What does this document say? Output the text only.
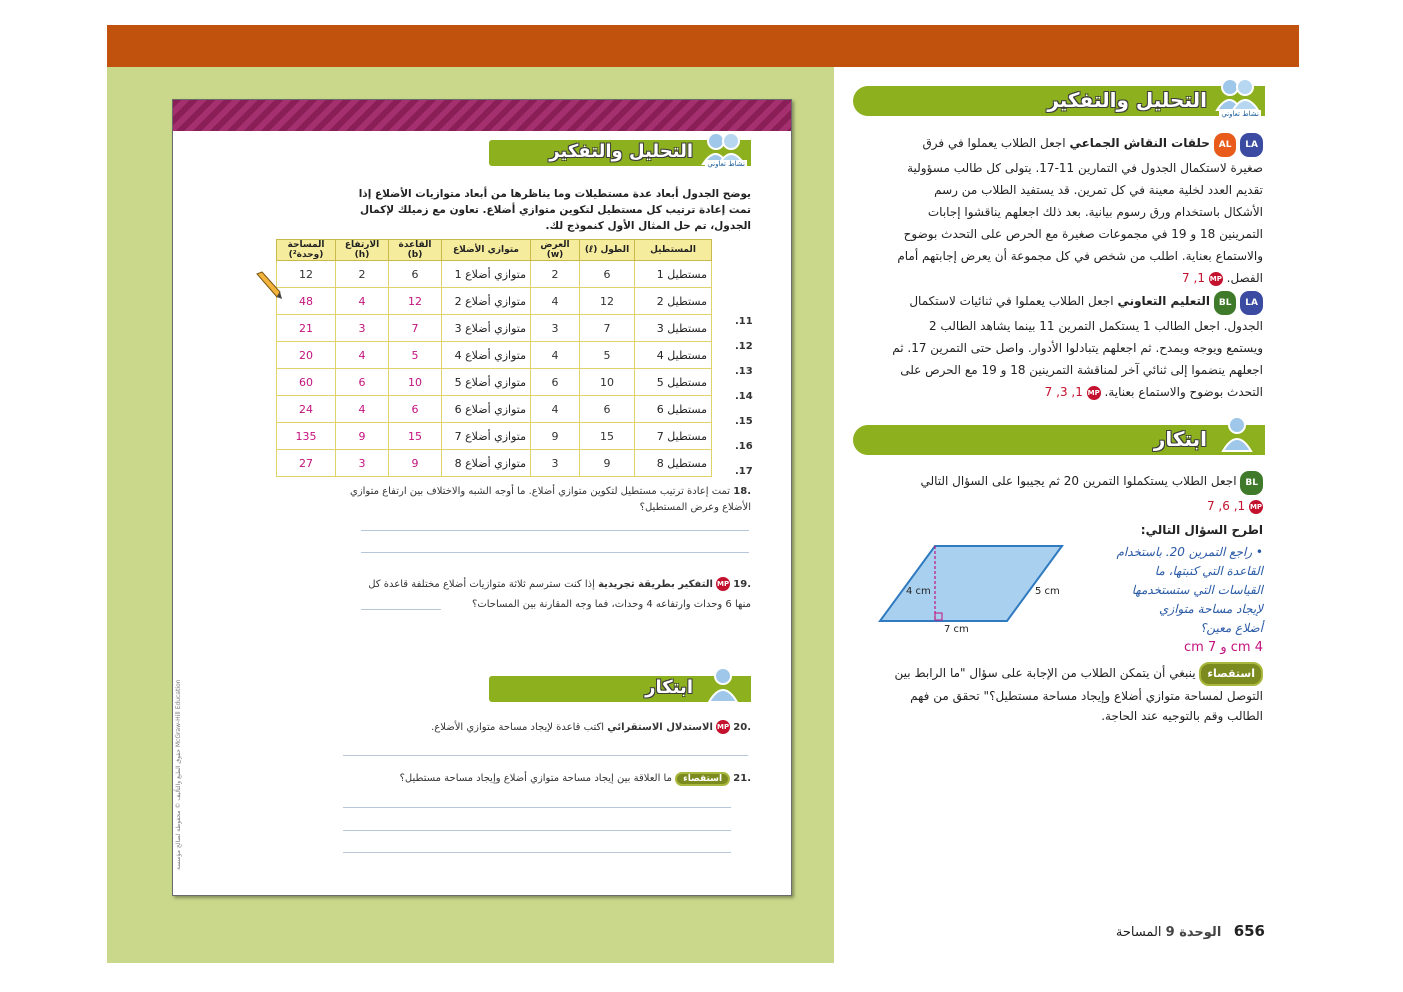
التحليل والتفكير
نشاط تعاوني
يوضح الجدول أبعاد عدة مستطيلات وما يناظرها من أبعاد متوازيات الأضلاع إذا
تمت إعادة ترتيب كل مستطيل لتكوين متوازي أضلاع. تعاون مع زميلك لإكمال
الجدول، تم حل المثال الأول كنموذج لك.
المساحة (وحدة²)	الارتفاع (h)	القاعدة (b)	متوازي الأضلاع	العرض (w)	الطول (ℓ)	المستطيل
12	2	6	متوازي أضلاع 1	2	6	مستطيل 1
48	4	12	متوازي أضلاع 2	4	12	مستطيل 2
21	3	7	متوازي أضلاع 3	3	7	مستطيل 3
20	4	5	متوازي أضلاع 4	4	5	مستطيل 4
60	6	10	متوازي أضلاع 5	6	10	مستطيل 5
24	4	6	متوازي أضلاع 6	4	6	مستطيل 6
135	9	15	متوازي أضلاع 7	9	15	مستطيل 7
27	3	9	متوازي أضلاع 8	3	9	مستطيل 8
.11
.12
.13
.14
.15
.16
.17
.18 تمت إعادة ترتيب مستطيل لتكوين متوازي أضلاع. ما أوجه الشبه والاختلاف بين ارتفاع متوازي
الأضلاع وعرض المستطيل؟
.19 MP التفكير بطريقة تجريدية إذا كنت سترسم ثلاثة متوازيات أضلاع مختلفة قاعدة كل
منها 6 وحدات وارتفاعه 4 وحدات، فما وجه المقارنة بين المساحات؟
ابتكار
.20 MP الاستدلال الاستقرائي اكتب قاعدة لإيجاد مساحة متوازي الأضلاع.
.21 استقصاء ما العلاقة بين إيجاد مساحة متوازي أضلاع وإيجاد مساحة مستطيل؟
حقوق الطبع والتأليف © محفوظة لصالح مؤسسة McGraw-Hill Education
التحليل والتفكير
نشاط تعاوني
LA AL حلقات النقاش الجماعي اجعل الطلاب يعملوا في فرق
صغيرة لاستكمال الجدول في التمارين 11-17. يتولى كل طالب مسؤولية
تقديم العدد لخلية معينة في كل تمرين. قد يستفيد الطلاب من رسم
الأشكال باستخدام ورق رسوم بيانية. بعد ذلك اجعلهم يناقشوا إجابات
التمرينين 18 و 19 في مجموعات صغيرة مع الحرص على التحدث بوضوح
والاستماع بعناية. اطلب من شخص في كل مجموعة أن يعرض إجابتهم أمام
الفصل. MP 1, 7
LA BL التعليم التعاوني اجعل الطلاب يعملوا في ثنائيات لاستكمال
الجدول. اجعل الطالب 1 يستكمل التمرين 11 بينما يشاهد الطالب 2
ويستمع ويوجه ويمدح. ثم اجعلهم يتبادلوا الأدوار. واصل حتى التمرين 17. ثم
اجعلهم ينضموا إلى ثنائي آخر لمناقشة التمرينين 18 و 19 مع الحرص على
التحدث بوضوح والاستماع بعناية. MP 1, 3, 7
ابتكار
BL اجعل الطلاب يستكملوا التمرين 20 ثم يجيبوا على السؤال التالي
MP 1, 6, 7
اطرح السؤال التالي:
• راجع التمرين 20. باستخدام
القاعدة التي كتبتها، ما
القياسات التي ستستخدمها
لإيجاد مساحة متوازي
أضلاع معين؟
4 cm و 7 cm
4 cm	5 cm
7 cm
استقصاء ينبغي أن يتمكن الطلاب من الإجابة على سؤال "ما الرابط بين
التوصل لمساحة متوازي أضلاع وإيجاد مساحة مستطيل؟" تحقق من فهم
الطالب وقم بالتوجيه عند الحاجة.
656   الوحدة 9 المساحة
